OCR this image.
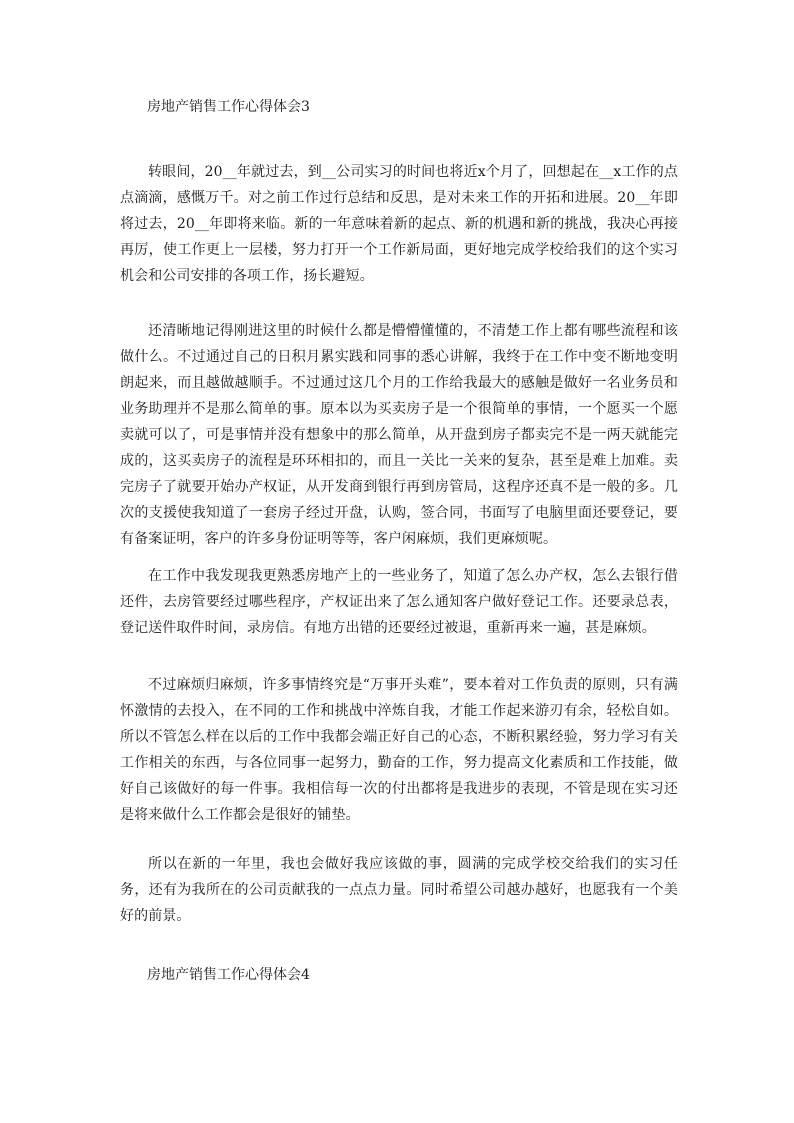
房地产销售工作心得体会3

转眼间，20__年就过去，到__公司实习的时间也将近x个月了，回想起在__x工作的点点滴滴，感慨万千。对之前工作过行总结和反思，是对未来工作的开拓和进展。20__年即将过去，20__年即将来临。新的一年意味着新的起点、新的机遇和新的挑战，我决心再接再厉，使工作更上一层楼，努力打开一个工作新局面，更好地完成学校给我们的这个实习机会和公司安排的各项工作，扬长避短。

还清晰地记得刚进这里的时候什么都是懵懵懂懂的，不清楚工作上都有哪些流程和该做什么。不过通过自己的日积月累实践和同事的悉心讲解，我终于在工作中变不断地变明朗起来，而且越做越顺手。不过通过这几个月的工作给我最大的感触是做好一名业务员和业务助理并不是那么简单的事。原本以为买卖房子是一个很简单的事情，一个愿买一个愿卖就可以了，可是事情并没有想象中的那么简单，从开盘到房子都卖完不是一两天就能完成的，这买卖房子的流程是环环相扣的，而且一关比一关来的复杂，甚至是难上加难。卖完房子了就要开始办产权证，从开发商到银行再到房管局，这程序还真不是一般的多。几次的支援使我知道了一套房子经过开盘，认购，签合同，书面写了电脑里面还要登记，要有备案证明，客户的许多身份证明等等，客户闲麻烦，我们更麻烦呢。

在工作中我发现我更熟悉房地产上的一些业务了，知道了怎么办产权，怎么去银行借还件，去房管要经过哪些程序，产权证出来了怎么通知客户做好登记工作。还要录总表，登记送件取件时间，录房信。有地方出错的还要经过被退，重新再来一遍，甚是麻烦。

不过麻烦归麻烦，许多事情终究是“万事开头难”，要本着对工作负责的原则，只有满怀激情的去投入，在不同的工作和挑战中淬炼自我，才能工作起来游刃有余，轻松自如。所以不管怎么样在以后的工作中我都会端正好自己的心态，不断积累经验，努力学习有关工作相关的东西，与各位同事一起努力，勤奋的工作，努力提高文化素质和工作技能，做好自己该做好的每一件事。我相信每一次的付出都将是我进步的表现，不管是现在实习还是将来做什么工作都会是很好的铺垫。

所以在新的一年里，我也会做好我应该做的事，圆满的完成学校交给我们的实习任务，还有为我所在的公司贡献我的一点点力量。同时希望公司越办越好，也愿我有一个美好的前景。

房地产销售工作心得体会4
